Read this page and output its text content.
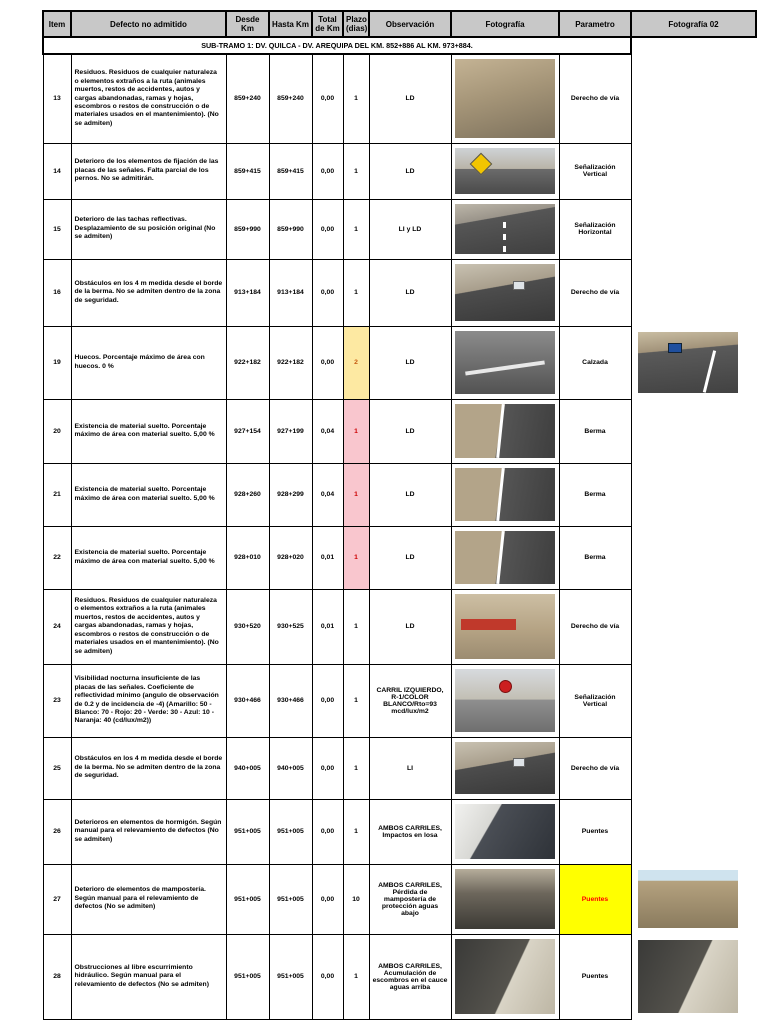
Item	Defecto no admitido	Desde Km	Hasta Km	Total de Km	Plazo (dias)	Observación	Fotografía	Parametro	Fotografía 02
SUB-TRAMO 1: DV. QUILCA - DV. AREQUIPA DEL KM. 852+886 AL KM. 973+884.									
13	Residuos. Residuos de cualquier naturaleza o elementos extraños a la ruta (animales muertos, restos de accidentes, autos y cargas abandonadas, ramas y hojas, escombros o restos de construcción o de materiales usados en el mantenimiento). (No se admiten)	859+240	859+240	0,00	1	LD		Derecho de vía	
14	Deterioro de los elementos de fijación de las placas de las señales. Falta parcial de los pernos. No se admitirán.	859+415	859+415	0,00	1	LD		Señalización Vertical	
15	Deterioro de las tachas reflectivas. Desplazamiento de su posición original (No se admiten)	859+990	859+990	0,00	1	LI y LD		Señalización Horizontal	
16	Obstáculos en los 4 m medida desde el borde de la berma. No se admiten dentro de la zona de seguridad.	913+184	913+184	0,00	1	LD		Derecho de vía	
19	Huecos. Porcentaje máximo de área con huecos. 0 %	922+182	922+182	0,00	2	LD		Calzada	

20	Existencia de material suelto. Porcentaje máximo de área con material suelto. 5,00 %	927+154	927+199	0,04	1	LD		Berma	
21	Existencia de material suelto. Porcentaje máximo de área con material suelto. 5,00 %	928+260	928+299	0,04	1	LD		Berma	
22	Existencia de material suelto. Porcentaje máximo de área con material suelto. 5,00 %	928+010	928+020	0,01	1	LD		Berma	
24	Residuos. Residuos de cualquier naturaleza o elementos extraños a la ruta (animales muertos, restos de accidentes, autos y cargas abandonadas, ramas y hojas, escombros o restos de construcción o de materiales usados en el mantenimiento). (No se admiten)	930+520	930+525	0,01	1	LD		Derecho de vía	
23	Visibilidad nocturna insuficiente de las placas de las señales. Coeficiente de reflectividad mínimo (angulo de observación de 0.2 y de incidencia de -4) (Amarillo: 50 - Blanco: 70 - Rojo: 20 - Verde: 30 - Azul: 10 - Naranja: 40 (cd/lux/m2))	930+466	930+466	0,00	1	CARRIL IZQUIERDO, R-1/COLOR BLANCO/Rto=93 mcd/lux/m2		Señalización Vertical	
25	Obstáculos en los 4 m medida desde el borde de la berma. No se admiten dentro de la zona de seguridad.	940+005	940+005	0,00	1	LI		Derecho de vía	
26	Deterioros en elementos de hormigón. Según manual para el relevamiento de defectos (No se admiten)	951+005	951+005	0,00	1	AMBOS CARRILES, Impactos en losa		Puentes	
27	Deterioro de elementos de mampostería. Según manual para el relevamiento de defectos (No se admiten)	951+005	951+005	0,00	10	AMBOS CARRILES, Pérdida de mampostería de protección aguas abajo		Puentes	

28	Obstrucciones al libre escurrimiento hidráulico. Según manual para el relevamiento de defectos (No se admiten)	951+005	951+005	0,00	1	AMBOS CARRILES, Acumulación de escombros en el cauce aguas arriba		Puentes	
